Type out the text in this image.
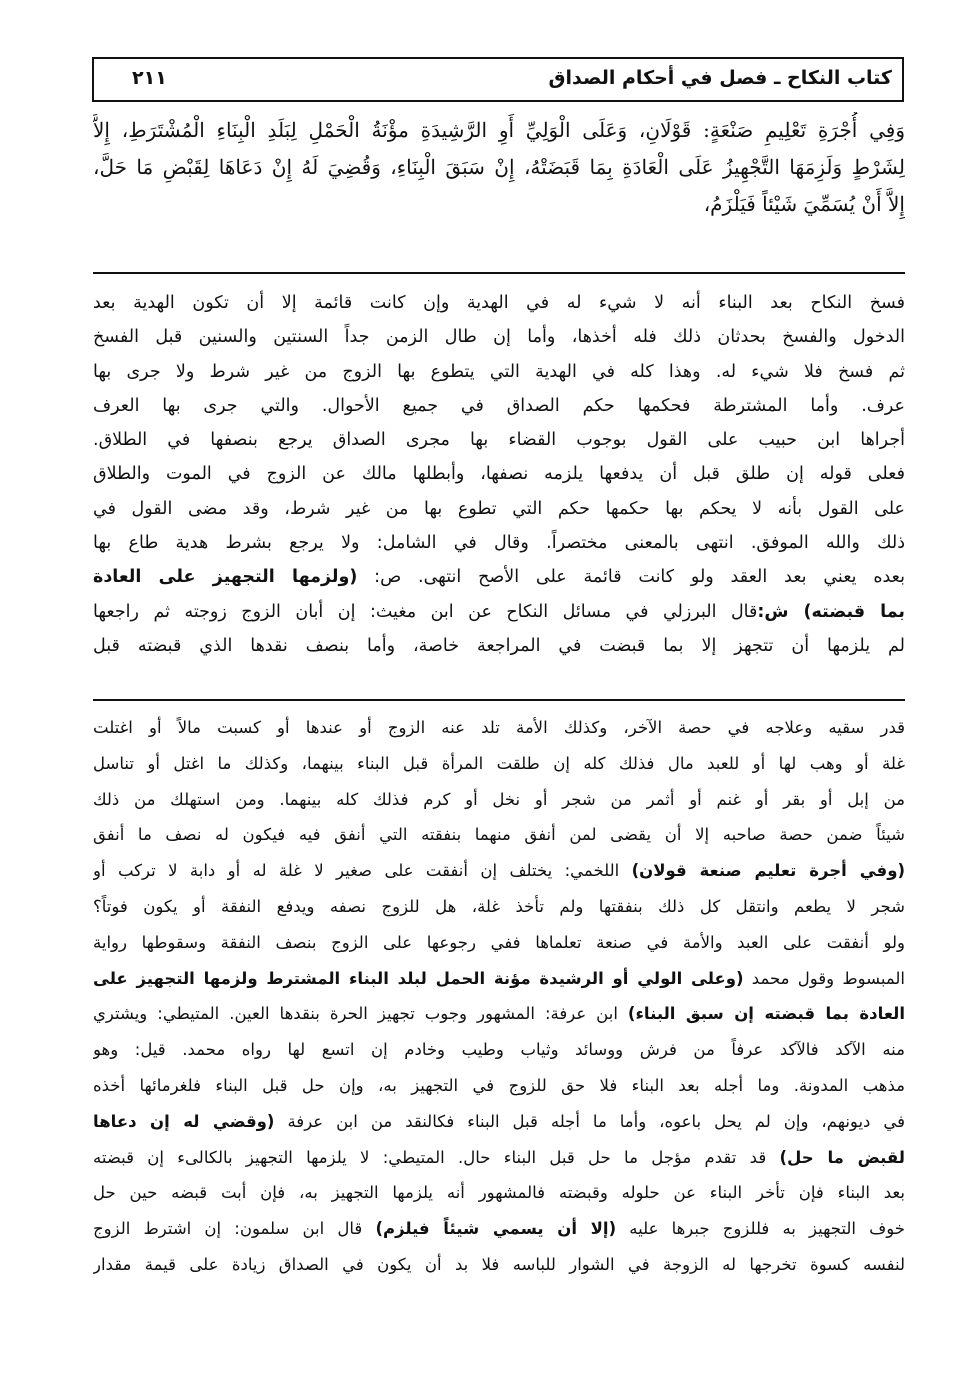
كتاب النكاح ـ فصل في أحكام الصداق
٢١١
وَفِي أُجْرَةِ تَعْلِيمِ صَنْعَةٍ: قَوْلَانِ، وَعَلَى الْوَلِيِّ أَوِ الرَّشِيدَةِ مؤْنَةُ الْحَمْلِ لِبَلَدِ الْبِنَاءِ الْمُشْتَرَطِ، إِلاَّ
لِشَرْطٍ وَلَزِمَهَا التَّجْهِيزُ عَلَى الْعَادَةِ بِمَا قَبَضَتْهُ، إِنْ سَبَقَ الْبِنَاءِ، وَقُضِيَ لَهُ إِنْ دَعَاهَا لِقَبْضِ مَا حَلَّ،
إِلاَّ أَنْ يُسَمِّيَ شَيْئاً فَيَلْزَمُ،
فسخ النكاح بعد البناء أنه لا شيء له في الهدية وإن كانت قائمة إلا أن تكون الهدية بعد
الدخول والفسخ بحدثان ذلك فله أخذها، وأما إن طال الزمن جداً السنتين والسنين قبل الفسخ
ثم فسخ فلا شيء له. وهذا كله في الهدية التي يتطوع بها الزوج من غير شرط ولا جرى بها
عرف. وأما المشترطة فحكمها حكم الصداق في جميع الأحوال. والتي جرى بها العرف
أجراها ابن حبيب على القول بوجوب القضاء بها مجرى الصداق يرجع بنصفها في الطلاق.
فعلى قوله إن طلق قبل أن يدفعها يلزمه نصفها، وأبطلها مالك عن الزوج في الموت والطلاق
على القول بأنه لا يحكم بها حكمها حكم التي تطوع بها من غير شرط، وقد مضى القول في
ذلك والله الموفق. انتهى بالمعنى مختصراً. وقال في الشامل: ولا يرجع بشرط هدية طاع بها
بعده يعني بعد العقد ولو كانت قائمة على الأصح انتهى. ص: (ولزمها التجهيز على العادة
بما قبضته) ش:قال البرزلي في مسائل النكاح عن ابن مغيث: إن أبان الزوج زوجته ثم راجعها
لم يلزمها أن تتجهز إلا بما قبضت في المراجعة خاصة، وأما بنصف نقدها الذي قبضته قبل
قدر سقيه وعلاجه في حصة الآخر، وكذلك الأمة تلد عنه الزوج أو عندها أو كسبت مالاً أو اغتلت
غلة أو وهب لها أو للعبد مال فذلك كله إن طلقت المرأة قبل البناء بينهما، وكذلك ما اغتل أو تناسل
من إبل أو بقر أو غنم أو أثمر من شجر أو نخل أو كرم فذلك كله بينهما. ومن استهلك من ذلك
شيئاً ضمن حصة صاحبه إلا أن يقضى لمن أنفق منهما بنفقته التي أنفق فيه فيكون له نصف ما أنفق
(وفي أجرة تعليم صنعة قولان) اللخمي: يختلف إن أنفقت على صغير لا غلة له أو دابة لا تركب أو
شجر لا يطعم وانتقل كل ذلك بنفقتها ولم تأخذ غلة، هل للزوج نصفه ويدفع النفقة أو يكون فوتاً؟
ولو أنفقت على العبد والأمة في صنعة تعلماها ففي رجوعها على الزوج بنصف النفقة وسقوطها رواية
المبسوط وقول محمد (وعلى الولي أو الرشيدة مؤنة الحمل لبلد البناء المشترط ولزمها التجهيز على
العادة بما قبضته إن سبق البناء) ابن عرفة: المشهور وجوب تجهيز الحرة بنقدها العين. المتيطي: ويشتري
منه الآكد فالآكد عرفاً من فرش ووسائد وثياب وطيب وخادم إن اتسع لها رواه محمد. قيل: وهو
مذهب المدونة. وما أجله بعد البناء فلا حق للزوج في التجهيز به، وإن حل قبل البناء فلغرمائها أخذه
في ديونهم، وإن لم يحل باعوه، وأما ما أجله قبل البناء فكالنقد من ابن عرفة (وقضي له إن دعاها
لقبض ما حل) قد تقدم مؤجل ما حل قبل البناء حال. المتيطي: لا يلزمها التجهيز بالكالىء إن قبضته
بعد البناء فإن تأخر البناء عن حلوله وقبضته فالمشهور أنه يلزمها التجهيز به، فإن أبت قبضه حين حل
خوف التجهيز به فللزوج جبرها عليه (إلا أن يسمي شيئاً فيلزم) قال ابن سلمون: إن اشترط الزوج
لنفسه كسوة تخرجها له الزوجة في الشوار للباسه فلا بد أن يكون في الصداق زيادة على قيمة مقدار
